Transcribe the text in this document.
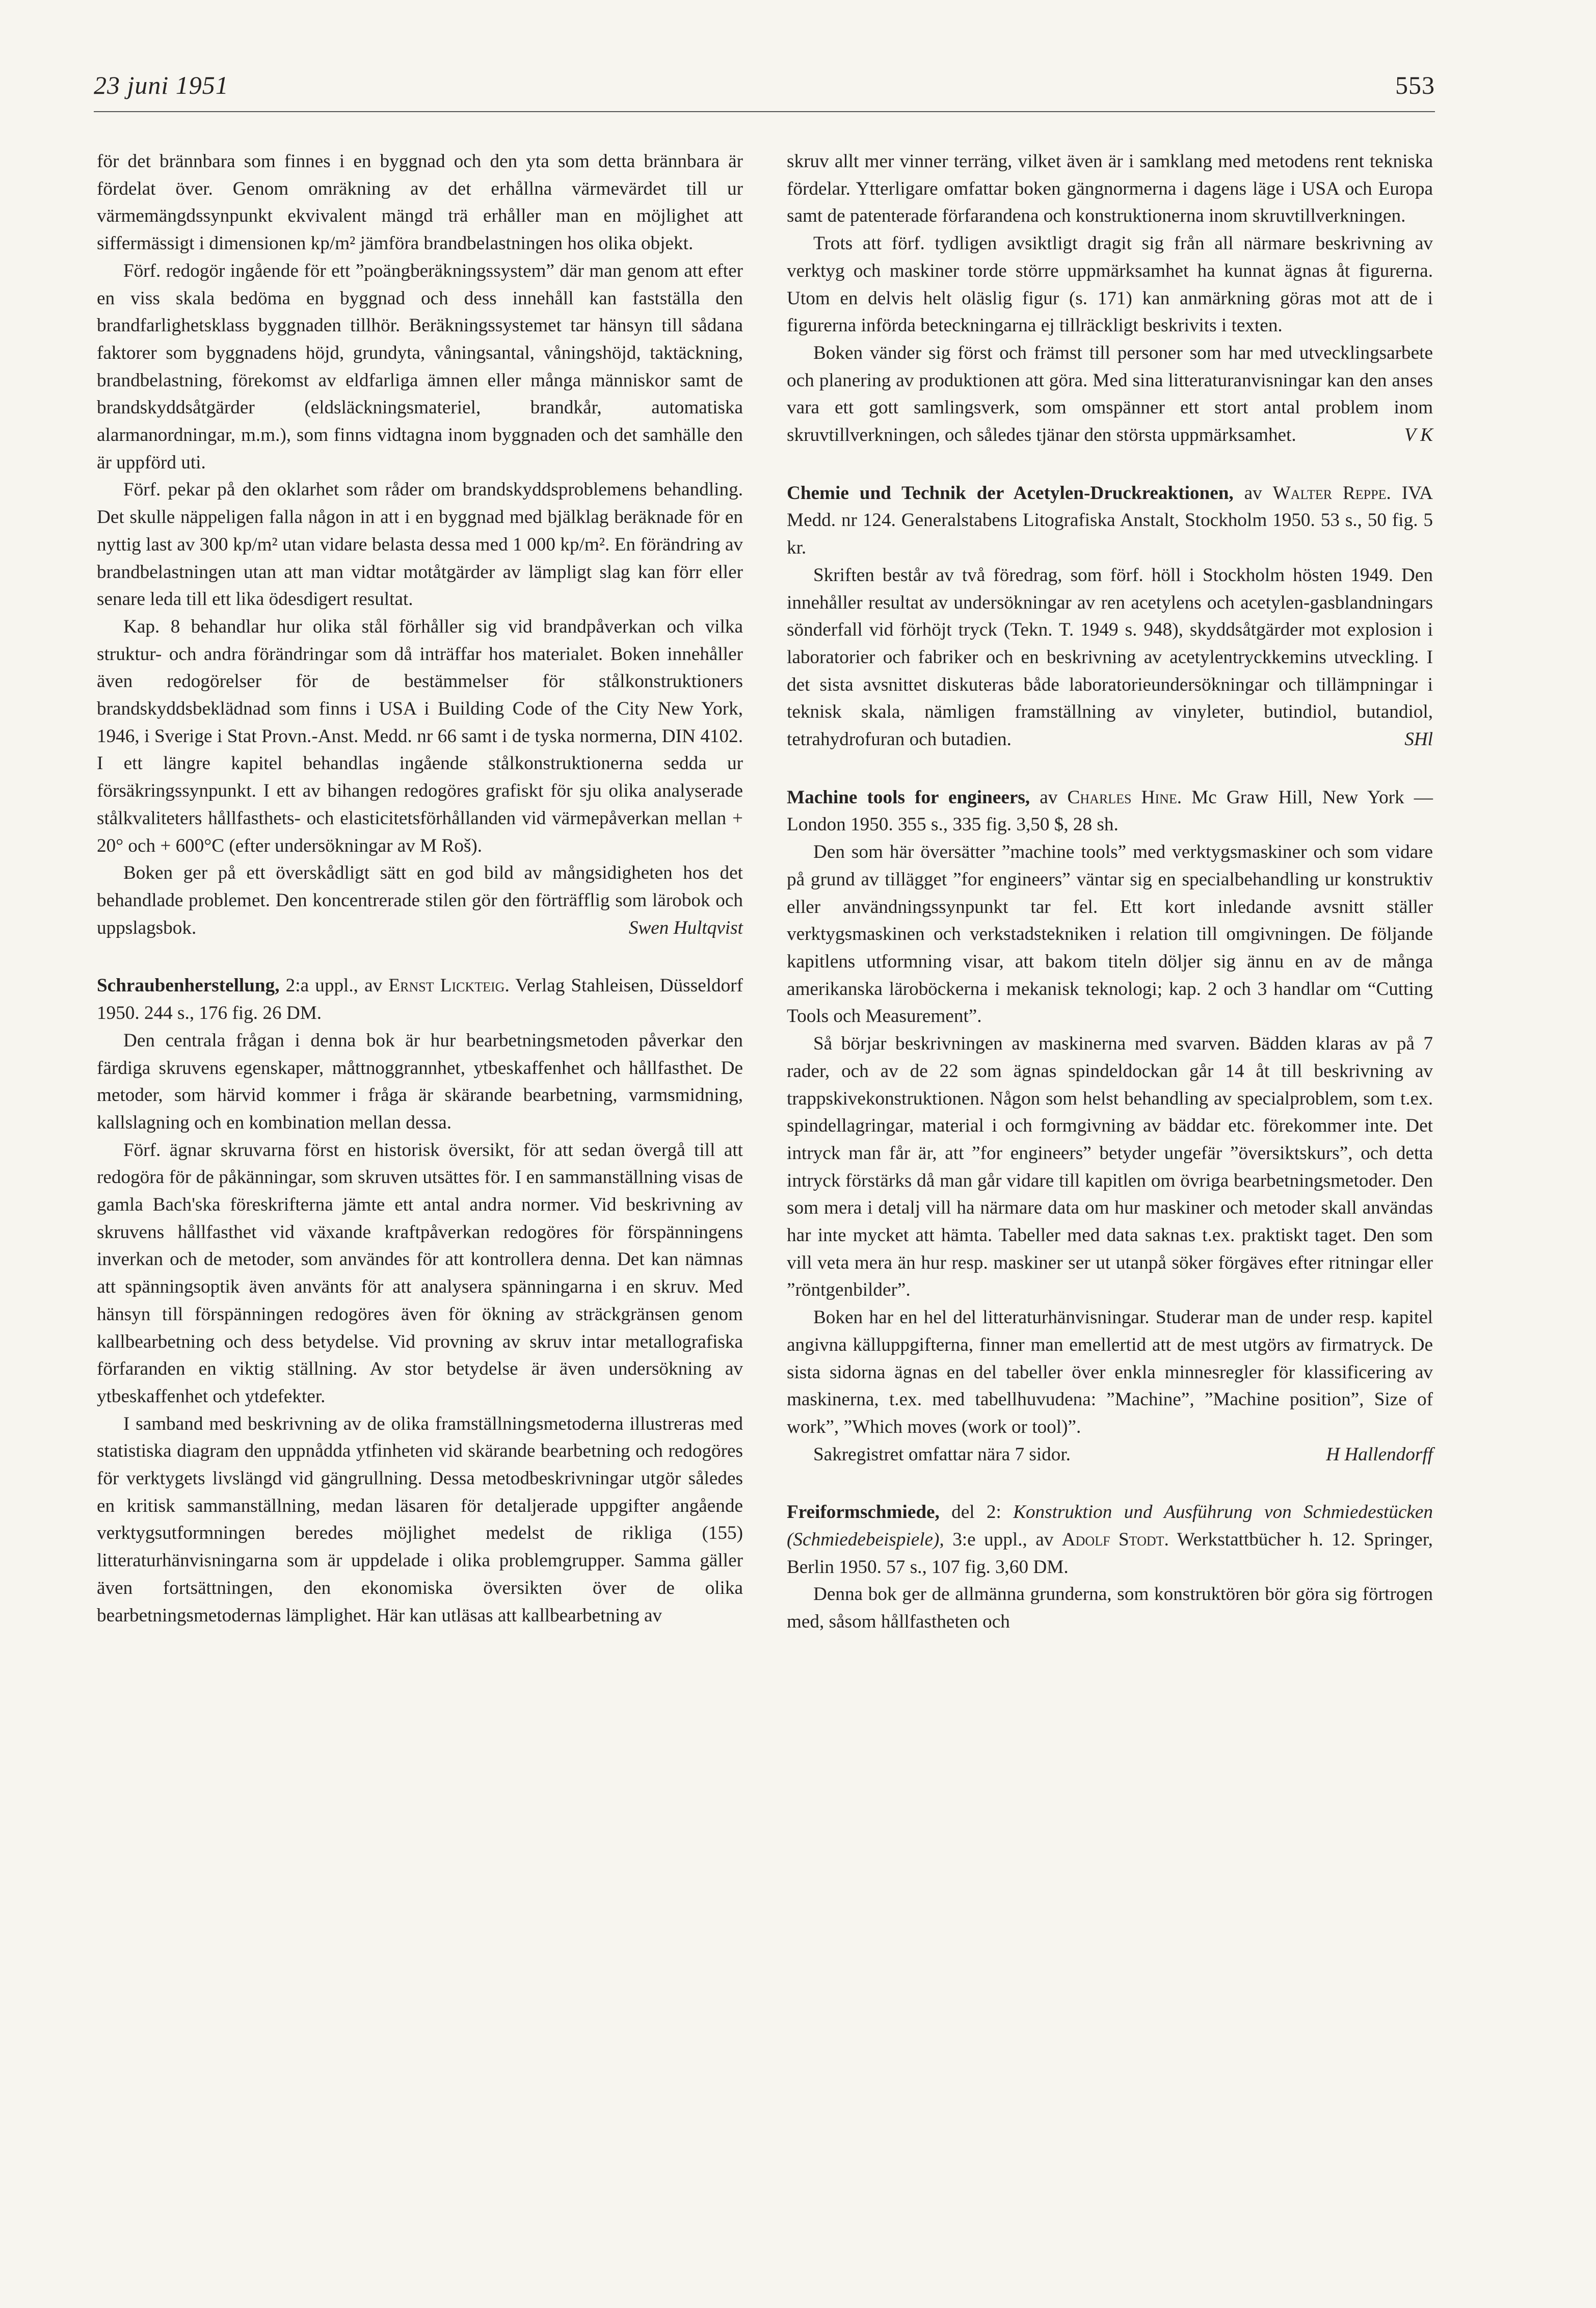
23 juni 1951	553

för det brännbara som finnes i en byggnad och den yta som detta brännbara är fördelat över. Genom omräkning av det erhållna värmevärdet till ur värmemängdssynpunkt ekvivalent mängd trä erhåller man en möjlighet att siffermässigt i dimensionen kp/m² jämföra brandbelastningen hos olika objekt.

Förf. redogör ingående för ett ”poängberäkningssystem” där man genom att efter en viss skala bedöma en byggnad och dess innehåll kan fastställa den brandfarlighetsklass byggnaden tillhör. Beräkningssystemet tar hänsyn till sådana faktorer som byggnadens höjd, grundyta, våningsantal, våningshöjd, taktäckning, brandbelastning, förekomst av eldfarliga ämnen eller många människor samt de brandskyddsåtgärder (eldsläckningsmateriel, brandkår, automatiska alarmanordningar, m.m.), som finns vidtagna inom byggnaden och det samhälle den är uppförd uti.

Förf. pekar på den oklarhet som råder om brandskyddsproblemens behandling. Det skulle näppeligen falla någon in att i en byggnad med bjälklag beräknade för en nyttig last av 300 kp/m² utan vidare belasta dessa med 1 000 kp/m². En förändring av brandbelastningen utan att man vidtar motåtgärder av lämpligt slag kan förr eller senare leda till ett lika ödesdigert resultat.

Kap. 8 behandlar hur olika stål förhåller sig vid brandpåverkan och vilka struktur- och andra förändringar som då inträffar hos materialet. Boken innehåller även redogörelser för de bestämmelser för stålkonstruktioners brandskyddsbeklädnad som finns i USA i Building Code of the City New York, 1946, i Sverige i Stat Provn.-Anst. Medd. nr 66 samt i de tyska normerna, DIN 4102. I ett längre kapitel behandlas ingående stålkonstruktionerna sedda ur försäkringssynpunkt. I ett av bihangen redogöres grafiskt för sju olika analyserade stålkvaliteters hållfasthets- och elasticitetsförhållanden vid värmepåverkan mellan + 20° och + 600°C (efter undersökningar av M Roš).

Boken ger på ett överskådligt sätt en god bild av mångsidigheten hos det behandlade problemet. Den koncentrerade stilen gör den förträfflig som lärobok och uppslagsbok.	Swen Hultqvist

Schraubenherstellung, 2:a uppl., av Ernst Lickteig. Verlag Stahleisen, Düsseldorf 1950. 244 s., 176 fig. 26 DM.

Den centrala frågan i denna bok är hur bearbetningsmetoden påverkar den färdiga skruvens egenskaper, måttnoggrannhet, ytbeskaffenhet och hållfasthet. De metoder, som härvid kommer i fråga är skärande bearbetning, varmsmidning, kallslagning och en kombination mellan dessa.

Förf. ägnar skruvarna först en historisk översikt, för att sedan övergå till att redogöra för de påkänningar, som skruven utsättes för. I en sammanställning visas de gamla Bach'ska föreskrifterna jämte ett antal andra normer. Vid beskrivning av skruvens hållfasthet vid växande kraftpåverkan redogöres för förspänningens inverkan och de metoder, som användes för att kontrollera denna. Det kan nämnas att spänningsoptik även använts för att analysera spänningarna i en skruv. Med hänsyn till förspänningen redogöres även för ökning av sträckgränsen genom kallbearbetning och dess betydelse. Vid provning av skruv intar metallografiska förfaranden en viktig ställning. Av stor betydelse är även undersökning av ytbeskaffenhet och ytdefekter.

I samband med beskrivning av de olika framställningsmetoderna illustreras med statistiska diagram den uppnådda ytfinheten vid skärande bearbetning och redogöres för verktygets livslängd vid gängrullning. Dessa metodbeskrivningar utgör således en kritisk sammanställning, medan läsaren för detaljerade uppgifter angående verktygsutformningen beredes möjlighet medelst de rikliga (155) litteraturhänvisningarna som är uppdelade i olika problemgrupper. Samma gäller även fortsättningen, den ekonomiska översikten över de olika bearbetningsmetodernas lämplighet. Här kan utläsas att kallbearbetning av

skruv allt mer vinner terräng, vilket även är i samklang med metodens rent tekniska fördelar. Ytterligare omfattar boken gängnormerna i dagens läge i USA och Europa samt de patenterade förfarandena och konstruktionerna inom skruvtillverkningen.

Trots att förf. tydligen avsiktligt dragit sig från all närmare beskrivning av verktyg och maskiner torde större uppmärksamhet ha kunnat ägnas åt figurerna. Utom en delvis helt oläslig figur (s. 171) kan anmärkning göras mot att de i figurerna införda beteckningarna ej tillräckligt beskrivits i texten.

Boken vänder sig först och främst till personer som har med utvecklingsarbete och planering av produktionen att göra. Med sina litteraturanvisningar kan den anses vara ett gott samlingsverk, som omspänner ett stort antal problem inom skruvtillverkningen, och således tjänar den största uppmärksamhet.	V K

Chemie und Technik der Acetylen-Druckreaktionen, av Walter Reppe. IVA Medd. nr 124. Generalstabens Litografiska Anstalt, Stockholm 1950. 53 s., 50 fig. 5 kr.

Skriften består av två föredrag, som förf. höll i Stockholm hösten 1949. Den innehåller resultat av undersökningar av ren acetylens och acetylen-gasblandningars sönderfall vid förhöjt tryck (Tekn. T. 1949 s. 948), skyddsåtgärder mot explosion i laboratorier och fabriker och en beskrivning av acetylentryckkemins utveckling. I det sista avsnittet diskuteras både laboratorieundersökningar och tillämpningar i teknisk skala, nämligen framställning av vinyleter, butindiol, butandiol, tetrahydrofuran och butadien.	SHl

Machine tools for engineers, av Charles Hine. Mc Graw Hill, New York — London 1950. 355 s., 335 fig. 3,50 $, 28 sh.

Den som här översätter ”machine tools” med verktygsmaskiner och som vidare på grund av tillägget ”for engineers” väntar sig en specialbehandling ur konstruktiv eller användningssynpunkt tar fel. Ett kort inledande avsnitt ställer verktygsmaskinen och verkstadstekniken i relation till omgivningen. De följande kapitlens utformning visar, att bakom titeln döljer sig ännu en av de många amerikanska läroböckerna i mekanisk teknologi; kap. 2 och 3 handlar om “Cutting Tools och Measurement”.

Så börjar beskrivningen av maskinerna med svarven. Bädden klaras av på 7 rader, och av de 22 som ägnas spindeldockan går 14 åt till beskrivning av trappskivekonstruktionen. Någon som helst behandling av specialproblem, som t.ex. spindellagringar, material i och formgivning av bäddar etc. förekommer inte. Det intryck man får är, att ”for engineers” betyder ungefär ”översiktskurs”, och detta intryck förstärks då man går vidare till kapitlen om övriga bearbetningsmetoder. Den som mera i detalj vill ha närmare data om hur maskiner och metoder skall användas har inte mycket att hämta. Tabeller med data saknas t.ex. praktiskt taget. Den som vill veta mera än hur resp. maskiner ser ut utanpå söker förgäves efter ritningar eller ”röntgenbilder”.

Boken har en hel del litteraturhänvisningar. Studerar man de under resp. kapitel angivna källuppgifterna, finner man emellertid att de mest utgörs av firmatryck. De sista sidorna ägnas en del tabeller över enkla minnesregler för klassificering av maskinerna, t.ex. med tabellhuvudena: ”Machine”, ”Machine position”, Size of work”, ”Which moves (work or tool)”.

Sakregistret omfattar nära 7 sidor.	H Hallendorff

Freiformschmiede, del 2: Konstruktion und Ausführung von Schmiedestücken (Schmiedebeispiele), 3:e uppl., av Adolf Stodt. Werkstattbücher h. 12. Springer, Berlin 1950. 57 s., 107 fig. 3,60 DM.

Denna bok ger de allmänna grunderna, som konstruktören bör göra sig förtrogen med, såsom hållfastheten och
